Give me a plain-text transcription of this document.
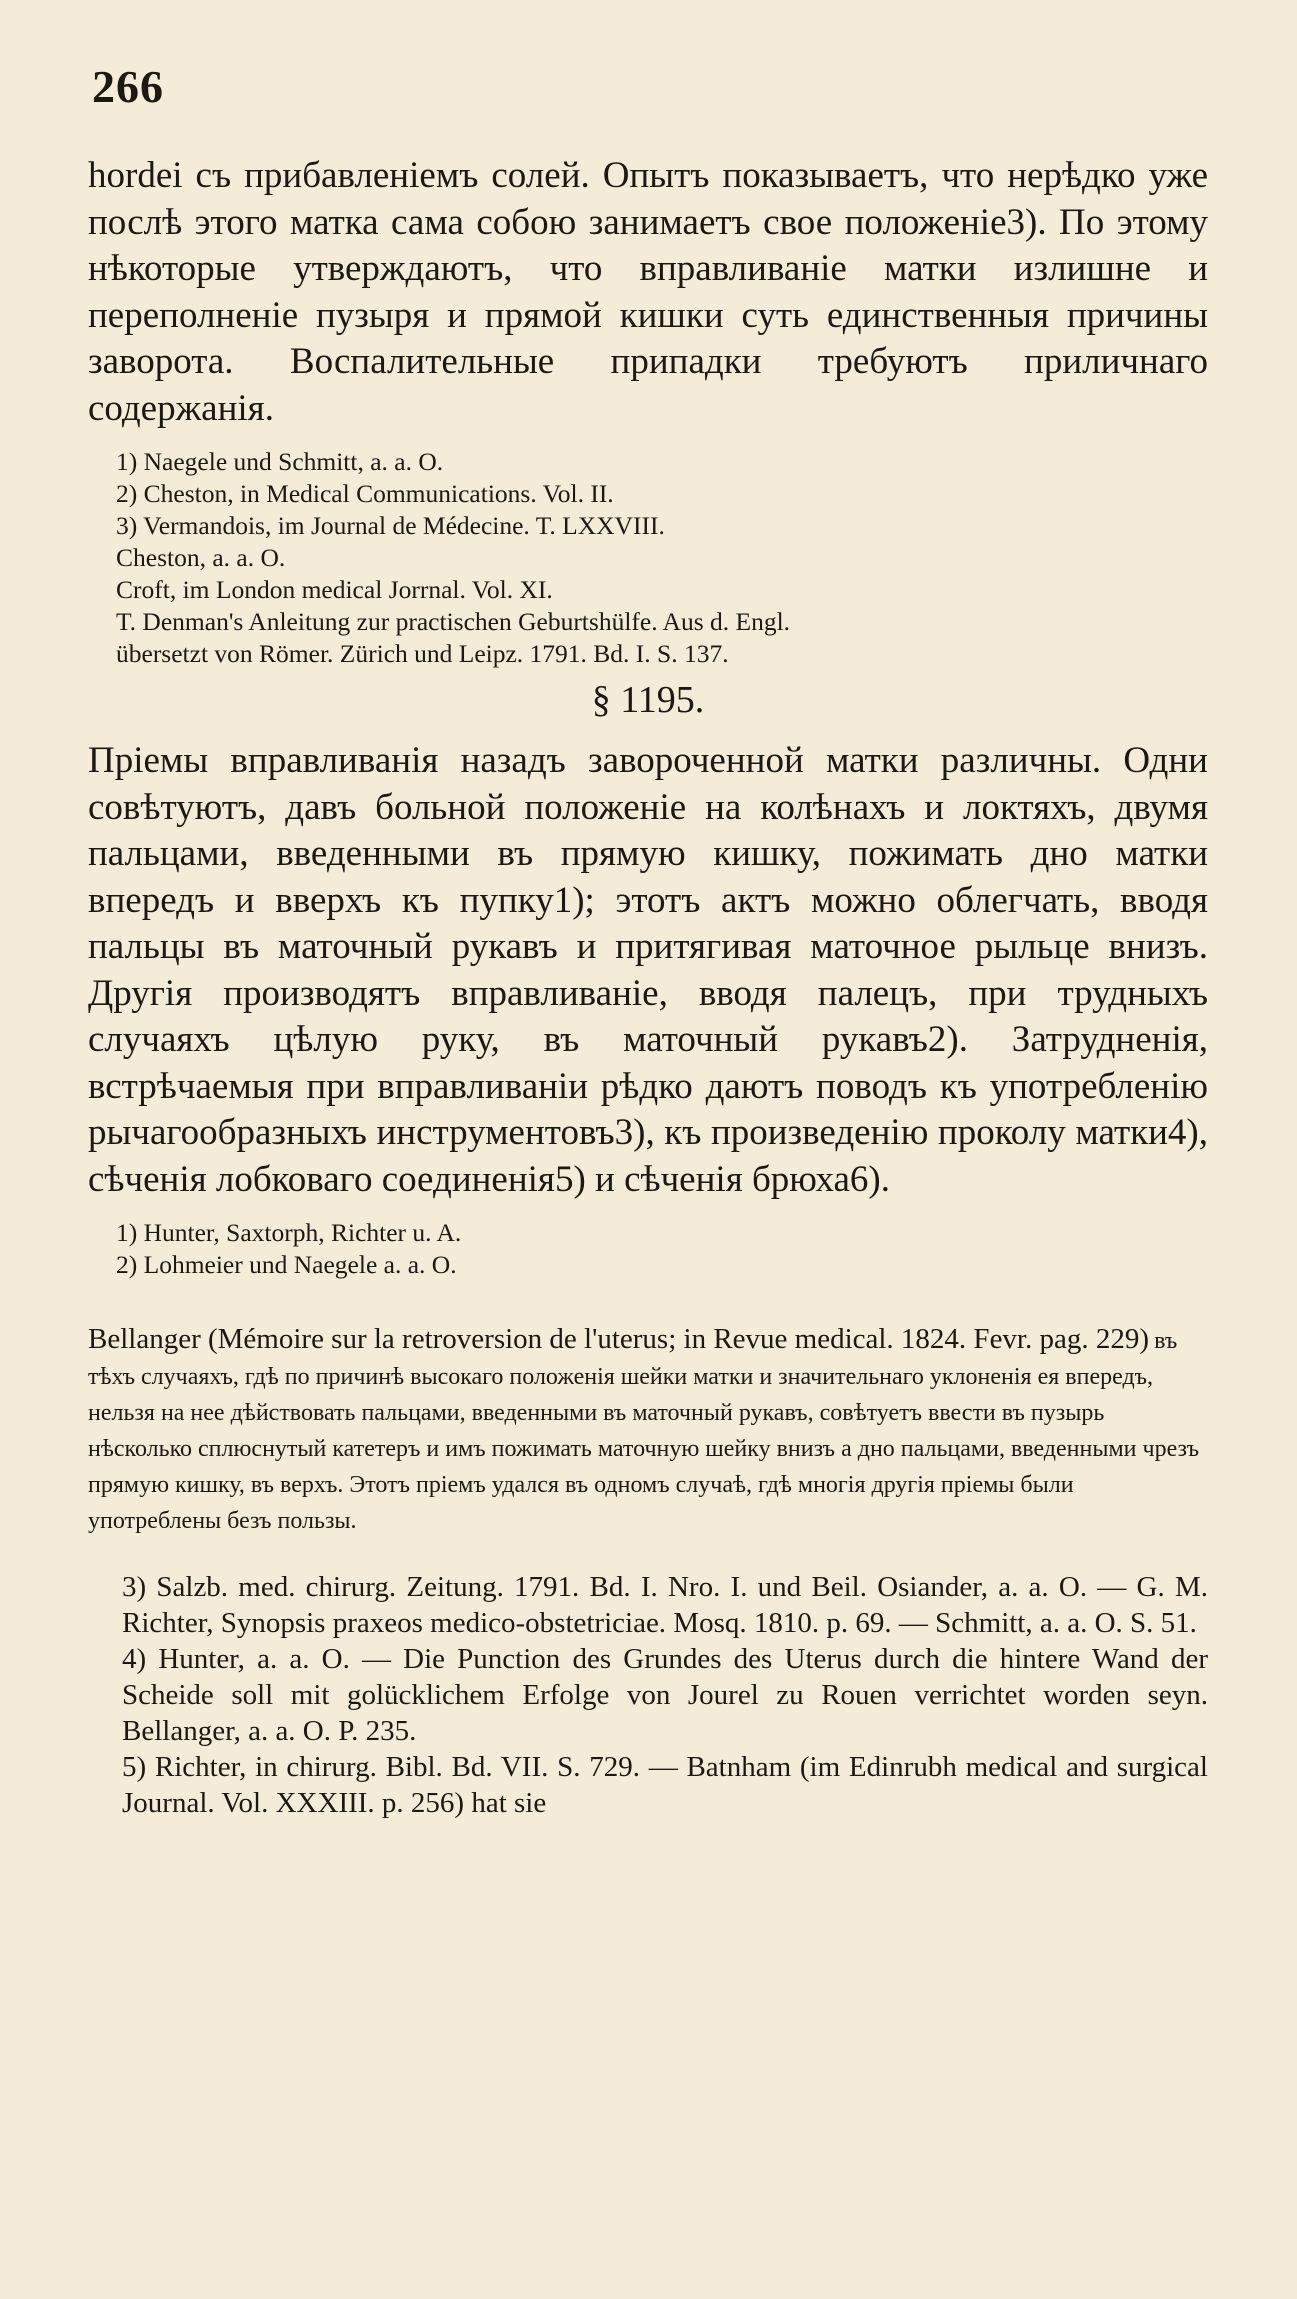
266

hordei съ прибавленіемъ солей. Опытъ показываетъ, что нерѣдко уже послѣ этого матка сама собою занимаетъ свое положеніе3). По этому нѣкоторые утверждаютъ, что вправливаніе матки излишне и переполненіе пузыря и прямой кишки суть единственныя причины заворота. Воспалительные припадки требуютъ приличнаго содержанія.

1) Naegele und Schmitt, a. a. O.
2) Cheston, in Medical Communications. Vol. II.
3) Vermandois, im Journal de Médecine. T. LXXVIII.
Cheston, a. a. O.
Croft, im London medical Jorrnal. Vol. XI.
T. Denman's Anleitung zur practischen Geburtshülfe. Aus d. Engl.
übersetzt von Römer. Zürich und Leipz. 1791. Bd. I. S. 137.
§ 1195.

Пріемы вправливанія назадъ завороченной матки различны. Одни совѣтуютъ, давъ больной положеніе на колѣнахъ и локтяхъ, двумя пальцами, введенными въ прямую кишку, пожимать дно матки впередъ и вверхъ къ пупку1); этотъ актъ можно облегчать, вводя пальцы въ маточный рукавъ и притягивая маточное рыльце внизъ. Другія производятъ вправливаніе, вводя палецъ, при трудныхъ случаяхъ цѣлую руку, въ маточный рукавъ2). Затрудненія, встрѣчаемыя при вправливаніи рѣдко даютъ поводъ къ употребленію рычагообразныхъ инструментовъ3), къ произведенію проколу матки4), сѣченія лобковаго соединенія5) и сѣченія брюха6).

1) Hunter, Saxtorph, Richter u. A.
2) Lohmeier und Naegele a. a. O.
Bellanger (Mémoire sur la retroversion de l'uterus; in Revue medical. 1824. Fevr. pag. 229) въ тѣхъ случаяхъ, гдѣ по причинѣ высокаго положенія шейки матки и значительнаго уклоненія ея впередъ, нельзя на нее дѣйствовать пальцами, введенными въ маточный рукавъ, совѣтуетъ ввести въ пузырь нѣсколько сплюснутый катетеръ и имъ пожимать маточную шейку внизъ а дно пальцами, введенными чрезъ прямую кишку, въ верхъ. Этотъ пріемъ удался въ одномъ случаѣ, гдѣ многія другія пріемы были употреблены безъ пользы.
3) Salzb. med. chirurg. Zeitung. 1791. Bd. I. Nro. I. und Beil. Osiander, a. a. O. — G. M. Richter, Synopsis praxeos medico-obstetriciae. Mosq. 1810. p. 69. — Schmitt, a. a. O. S. 51.
4) Hunter, a. a. O. — Die Punction des Grundes des Uterus durch die hintere Wand der Scheide soll mit golücklichem Erfolge von Jourel zu Rouen verrichtet worden seyn. Bellanger, a. a. O. P. 235.
5) Richter, in chirurg. Bibl. Bd. VII. S. 729. — Batnham (im Edinrubh medical and surgical Journal. Vol. XXXIII. p. 256) hat sie
